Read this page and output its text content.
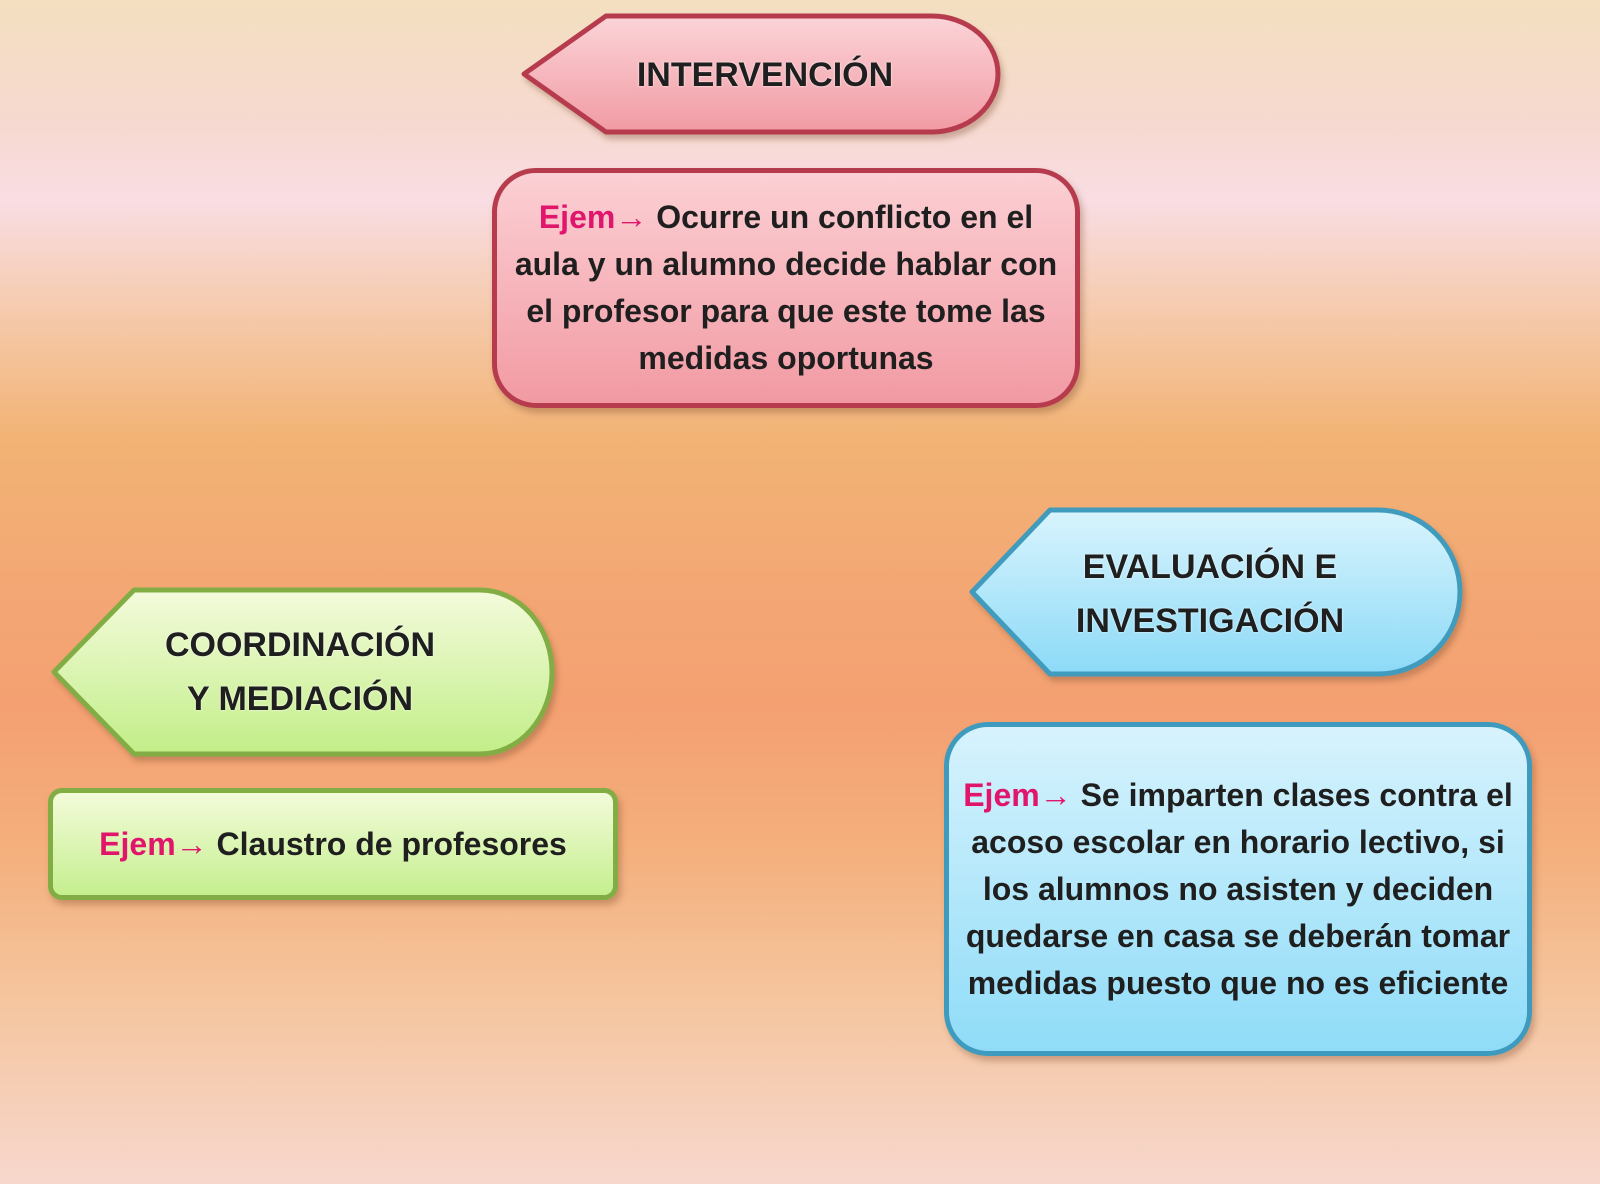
INTERVENCIÓN
COORDINACIÓN
Y MEDIACIÓN
EVALUACIÓN E
INVESTIGACIÓN

Ejem→ Ocurre un conflicto en el aula y un alumno decide hablar con el profesor para que este tome las medidas oportunas

Ejem→ Claustro de profesores

Ejem→ Se imparten clases contra el acoso escolar en horario lectivo, si los alumnos no asisten y deciden quedarse en casa se deberán tomar medidas puesto que no es eficiente
